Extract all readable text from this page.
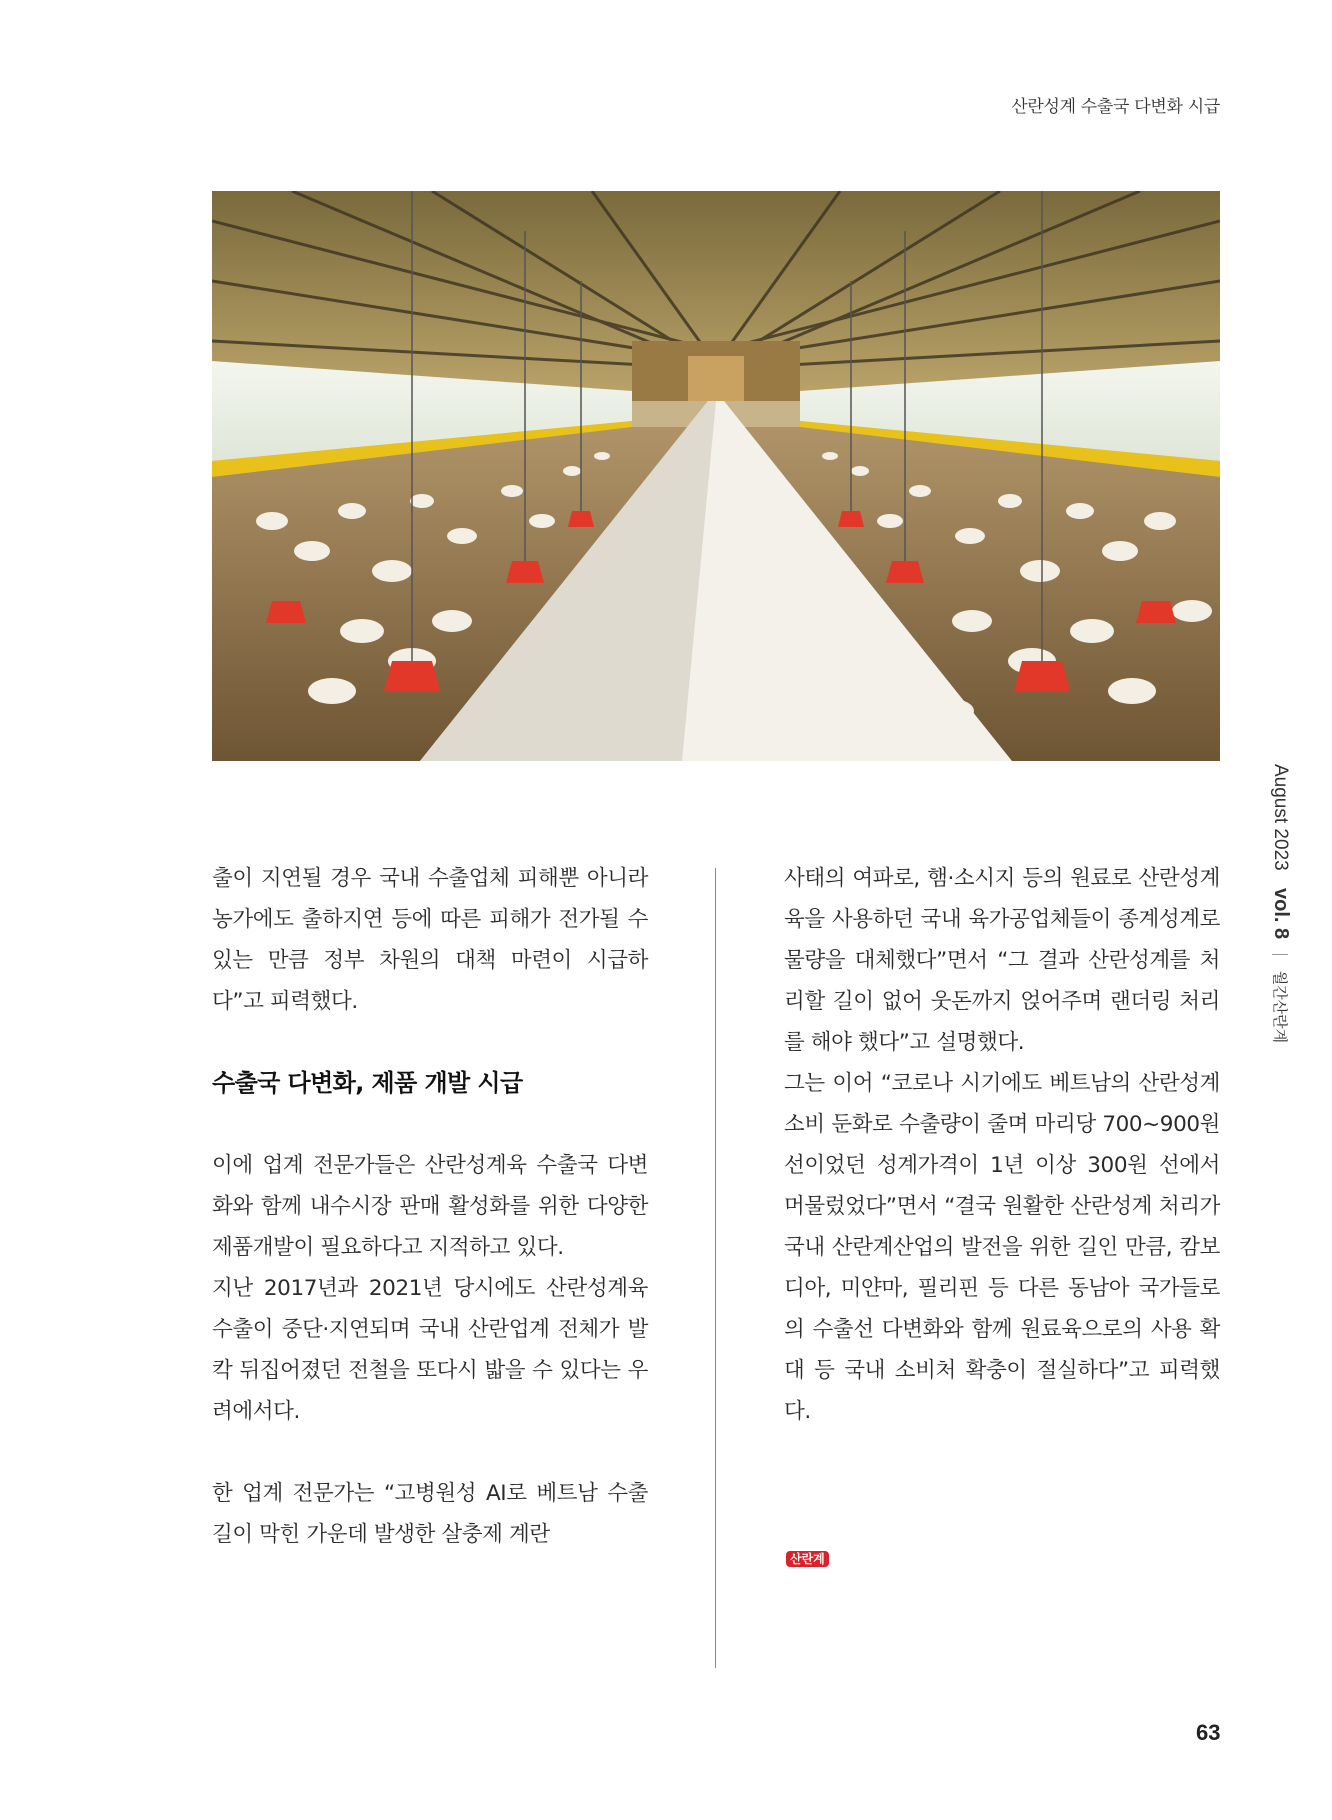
산란성계 수출국 다변화 시급
August 2023 vol. 8  월간산란계

출이 지연될 경우 국내 수출업체 피해뿐 아니라 농가에도 출하지연 등에 따른 피해가 전가될 수 있는 만큼 정부 차원의 대책 마련이 시급하다”고 피력했다.

수출국 다변화, 제품 개발 시급

이에 업계 전문가들은 산란성계육 수출국 다변화와 함께 내수시장 판매 활성화를 위한 다양한 제품개발이 필요하다고 지적하고 있다.

지난 2017년과 2021년 당시에도 산란성계육 수출이 중단·지연되며 국내 산란업계 전체가 발칵 뒤집어졌던 전철을 또다시 밟을 수 있다는 우려에서다.

한 업계 전문가는 “고병원성 AI로 베트남 수출길이 막힌 가운데 발생한 살충제 계란

사태의 여파로, 햄·소시지 등의 원료로 산란성계육을 사용하던 국내 육가공업체들이 종계성계로 물량을 대체했다”면서 “그 결과 산란성계를 처리할 길이 없어 웃돈까지 얹어주며 랜더링 처리를 해야 했다”고 설명했다.

그는 이어 “코로나 시기에도 베트남의 산란성계 소비 둔화로 수출량이 줄며 마리당 700~900원 선이었던 성계가격이 1년 이상 300원 선에서 머물렀었다”면서 “결국 원활한 산란성계 처리가 국내 산란계산업의 발전을 위한 길인 만큼, 캄보디아, 미얀마, 필리핀 등 다른 동남아 국가들로의 수출선 다변화와 함께 원료육으로의 사용 확대 등 국내 소비처 확충이 절실하다”고 피력했다.

산란계
63
